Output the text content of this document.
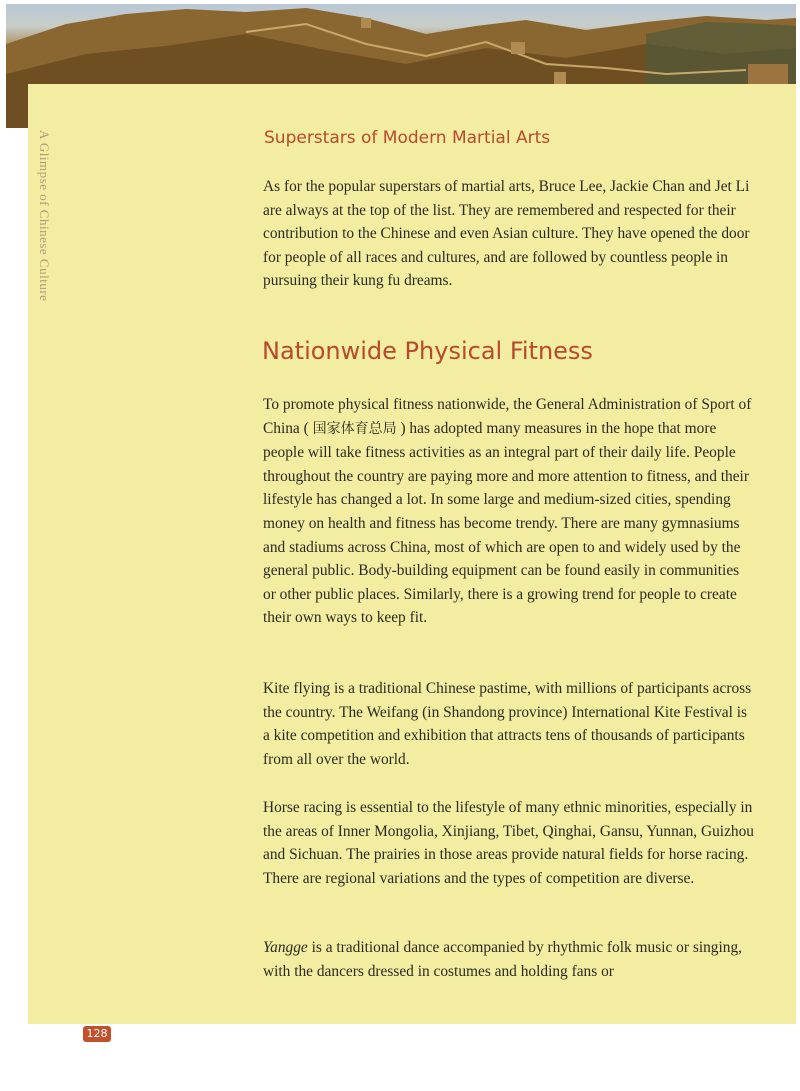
A Glimpse of Chinese Culture	Superstars of Modern Martial Arts

As for the popular superstars of martial arts, Bruce Lee, Jackie Chan and Jet Li are always at the top of the list. They are remembered and respected for their contribution to the Chinese and even Asian culture. They have opened the door for people of all races and cultures, and are followed by countless people in pursuing their kung fu dreams.

Nationwide Physical Fitness

To promote physical fitness nationwide, the General Administration of Sport of China ( 国家体育总局 ) has adopted many measures in the hope that more people will take fitness activities as an integral part of their daily life. People throughout the country are paying more and more attention to fitness, and their lifestyle has changed a lot. In some large and medium-sized cities, spending money on health and fitness has become trendy. There are many gymnasiums and stadiums across China, most of which are open to and widely used by the general public. Body-building equipment can be found easily in communities or other public places. Similarly, there is a growing trend for people to create their own ways to keep fit.

Kite flying is a traditional Chinese pastime, with millions of participants across the country. The Weifang (in Shandong province) International Kite Festival is a kite competition and exhibition that attracts tens of thousands of participants from all over the world.

Horse racing is essential to the lifestyle of many ethnic minorities, especially in the areas of Inner Mongolia, Xinjiang, Tibet, Qinghai, Gansu, Yunnan, Guizhou and Sichuan. The prairies in those areas provide natural fields for horse racing. There are regional variations and the types of competition are diverse.

Yangge is a traditional dance accompanied by rhythmic folk music or singing, with the dancers dressed in costumes and holding fans or

128
